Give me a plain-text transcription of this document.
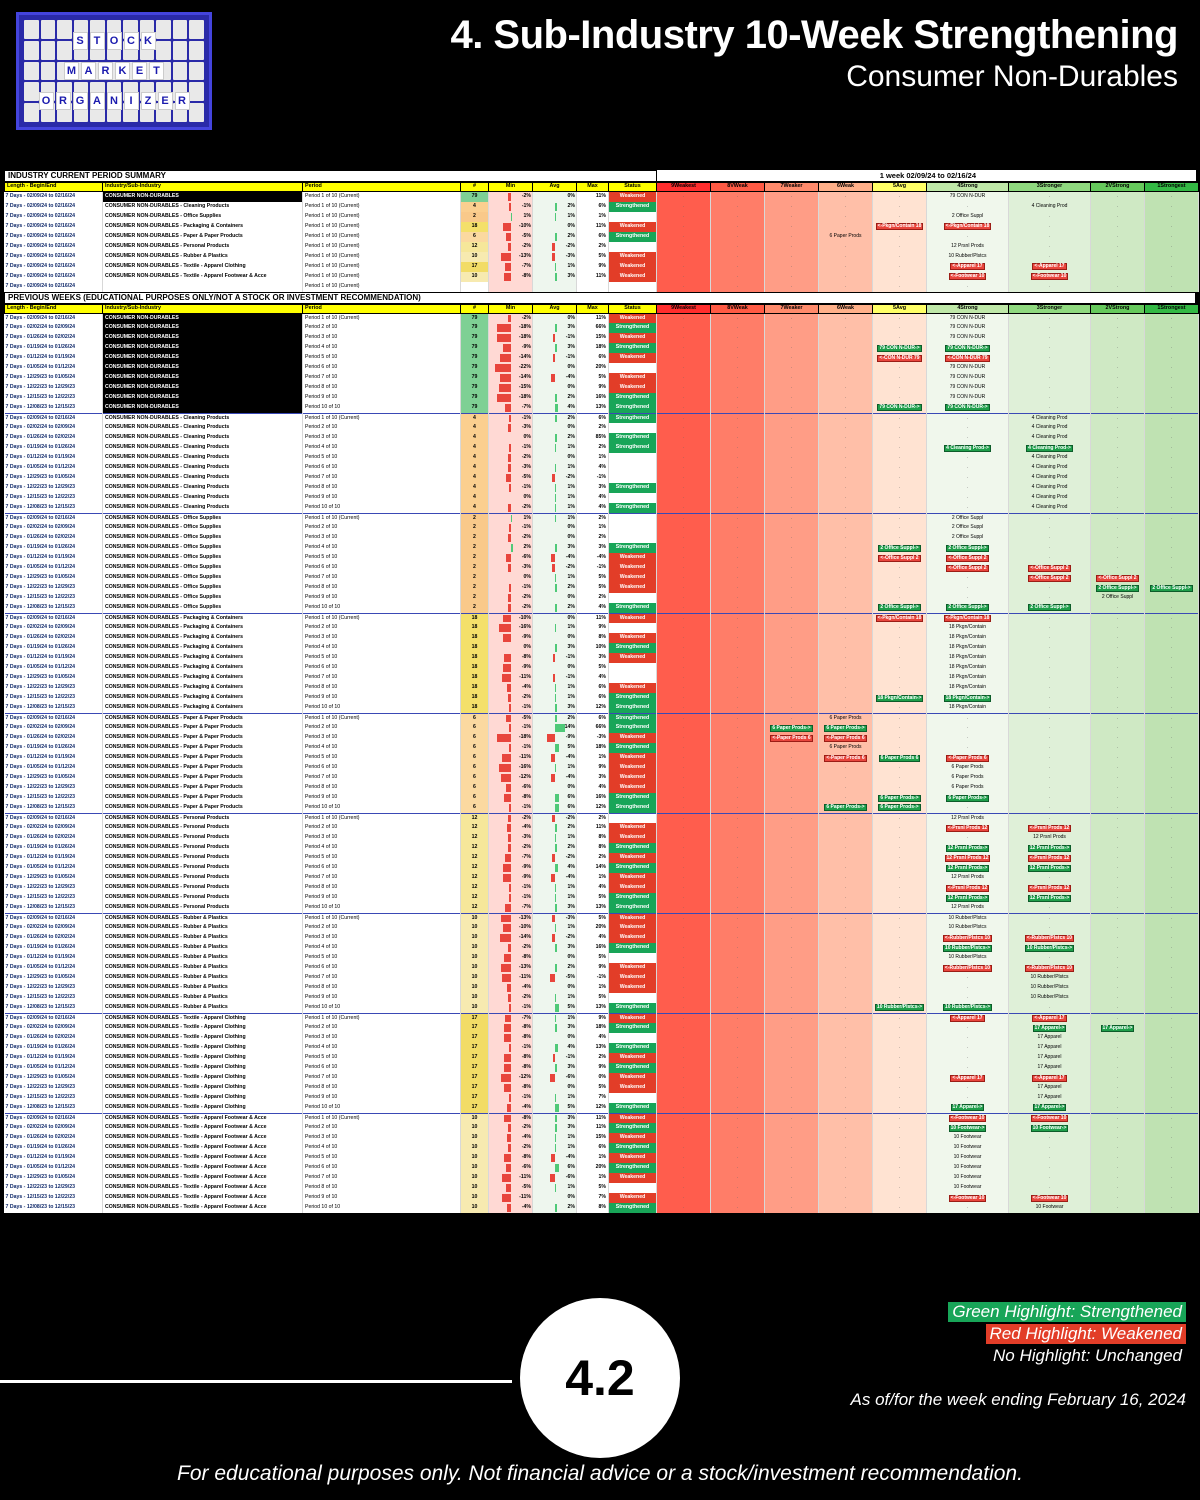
S T O C K
M A R K E T
O R G A N	I	Z E R
4. Sub-Industry 10-Week Strengthening
Consumer Non-Durables
INDUSTRY CURRENT PERIOD SUMMARY	1 week 02/09/24 to 02/16/24
Length - Begin/End	Industry/Sub-Industry	Period	#	Min	Avg	Max	Status	9Weakest	8VWeak	7Weaker	6Weak	5Avg	4Strong	3Stronger	2VStrong	1Strongest
7 Days - 02/09/24 to 02/16/24	CONSUMER NON-DURABLES	Period 1 of 10 (Current)	79	-2%	0%	11%	Weakened	.	.	.	.	.	79 CON N-DUR	.	.	.
7 Days - 02/09/24 to 02/16/24	CONSUMER NON-DURABLES - Cleaning Products	Period 1 of 10 (Current)	4	-1%	2%	6%	Strengthened	.	.	.	.	.	.	4 Cleaning Prod	.	.
7 Days - 02/09/24 to 02/16/24	CONSUMER NON-DURABLES - Office Supplies	Period 1 of 10 (Current)	2	1%	1%	1%	Unchanged	.	.	.	.	.	2 Office Suppl	.	.	.
7 Days - 02/09/24 to 02/16/24	CONSUMER NON-DURABLES - Packaging & Containers	Period 1 of 10 (Current)	18	-10%	0%	11%	Weakened	.	.	.	.	<-Pkgn/Contain 18	<-Pkgn/Contain 18	.	.	.
7 Days - 02/09/24 to 02/16/24	CONSUMER NON-DURABLES - Paper & Paper Products	Period 1 of 10 (Current)	6	-5%	2%	6%	Strengthened	.	.	.	6 Paper Prods	.	.	.	.	.
7 Days - 02/09/24 to 02/16/24	CONSUMER NON-DURABLES - Personal Products	Period 1 of 10 (Current)	12	-2%	-2%	2%	Unchanged	.	.	.	.	.	12 Prsnl Prods	.	.	.
7 Days - 02/09/24 to 02/16/24	CONSUMER NON-DURABLES - Rubber & Plastics	Period 1 of 10 (Current)	10	-13%	-3%	5%	Weakened	.	.	.	.	.	10 Rubber/Plstcs	.	.	.
7 Days - 02/09/24 to 02/16/24	CONSUMER NON-DURABLES - Textile - Apparel Clothing	Period 1 of 10 (Current)	17	-7%	1%	9%	Weakened	.	.	.	.	.	<-Apparel 17	<-Apparel 17	.	.
7 Days - 02/09/24 to 02/16/24	CONSUMER NON-DURABLES - Textile - Apparel Footwear & Acce	Period 1 of 10 (Current)	10	-8%	3%	11%	Weakened	.	.	.	.	.	<-Footwear 10	<-Footwear 10	.	.
7 Days - 02/09/24 to 02/16/24		Period 1 of 10 (Current)						.	.	.	.	.	.	.	.	.
PREVIOUS WEEKS (EDUCATIONAL PURPOSES ONLY/NOT A STOCK OR INVESTMENT RECOMMENDATION)
Length - Begin/End	Industry/Sub-Industry	Period	#	Min	Avg	Max	Status	9Weakest	8VWeak	7Weaker	6Weak	5Avg	4Strong	3Stronger	2VStrong	1Strongest
7 Days - 02/09/24 to 02/16/24	CONSUMER NON-DURABLES	Period 1 of 10 (Current)	79	-2%	0%	11%	Weakened	.	.	.	.	.	79 CON N-DUR	.	.	.
7 Days - 02/02/24 to 02/09/24	CONSUMER NON-DURABLES	Period 2 of 10	79	-18%	3%	66%	Strengthened	.	.	.	.	.	79 CON N-DUR	.	.	.
7 Days - 01/26/24 to 02/02/24	CONSUMER NON-DURABLES	Period 3 of 10	79	-18%	-1%	15%	Weakened	.	.	.	.	.	79 CON N-DUR	.	.	.
7 Days - 01/19/24 to 01/26/24	CONSUMER NON-DURABLES	Period 4 of 10	79	-9%	3%	18%	Strengthened	.	.	.	.	79 CON N-DUR->	79 CON N-DUR->	.	.	.
7 Days - 01/12/24 to 01/19/24	CONSUMER NON-DURABLES	Period 5 of 10	79	-14%	-1%	6%	Weakened	.	.	.	.	<-CON N-DUR 79	<-CON N-DUR 79	.	.	.
7 Days - 01/05/24 to 01/12/24	CONSUMER NON-DURABLES	Period 6 of 10	79	-22%	0%	20%	Unchanged	.	.	.	.	.	79 CON N-DUR	.	.	.
7 Days - 12/29/23 to 01/05/24	CONSUMER NON-DURABLES	Period 7 of 10	79	-14%	-4%	5%	Weakened	.	.	.	.	.	79 CON N-DUR	.	.	.
7 Days - 12/22/23 to 12/29/23	CONSUMER NON-DURABLES	Period 8 of 10	79	-15%	0%	9%	Weakened	.	.	.	.	.	79 CON N-DUR	.	.	.
7 Days - 12/15/23 to 12/22/23	CONSUMER NON-DURABLES	Period 9 of 10	79	-18%	2%	16%	Strengthened	.	.	.	.	.	79 CON N-DUR	.	.	.
7 Days - 12/08/23 to 12/15/23	CONSUMER NON-DURABLES	Period 10 of 10	79	-7%	4%	13%	Strengthened	.	.	.	.	79 CON N-DUR->	79 CON N-DUR->	.	.	.
7 Days - 02/09/24 to 02/16/24	CONSUMER NON-DURABLES - Cleaning Products	Period 1 of 10 (Current)	4	-1%	2%	6%	Strengthened	.	.	.	.	.	.	4 Cleaning Prod	.	.
7 Days - 02/02/24 to 02/09/24	CONSUMER NON-DURABLES - Cleaning Products	Period 2 of 10	4	-3%	0%	2%	Unchanged	.	.	.	.	.	.	4 Cleaning Prod	.	.
7 Days - 01/26/24 to 02/02/24	CONSUMER NON-DURABLES - Cleaning Products	Period 3 of 10	4	0%	2%	85%	Strengthened	.	.	.	.	.	.	4 Cleaning Prod	.	.
7 Days - 01/19/24 to 01/26/24	CONSUMER NON-DURABLES - Cleaning Products	Period 4 of 10	4	-1%	1%	2%	Strengthened	.	.	.	.	.	4 Cleaning Prod->	4 Cleaning Prod->	.	.
7 Days - 01/12/24 to 01/19/24	CONSUMER NON-DURABLES - Cleaning Products	Period 5 of 10	4	-2%	0%	1%	Unchanged	.	.	.	.	.	.	4 Cleaning Prod	.	.
7 Days - 01/05/24 to 01/12/24	CONSUMER NON-DURABLES - Cleaning Products	Period 6 of 10	4	-3%	1%	4%	Unchanged	.	.	.	.	.	.	4 Cleaning Prod	.	.
7 Days - 12/29/23 to 01/05/24	CONSUMER NON-DURABLES - Cleaning Products	Period 7 of 10	4	-5%	-2%	-1%	Unchanged	.	.	.	.	.	.	4 Cleaning Prod	.	.
7 Days - 12/22/23 to 12/29/23	CONSUMER NON-DURABLES - Cleaning Products	Period 8 of 10	4	-1%	1%	3%	Strengthened	.	.	.	.	.	.	4 Cleaning Prod	.	.
7 Days - 12/15/23 to 12/22/23	CONSUMER NON-DURABLES - Cleaning Products	Period 9 of 10	4	0%	1%	4%	Unchanged	.	.	.	.	.	.	4 Cleaning Prod	.	.
7 Days - 12/08/23 to 12/15/23	CONSUMER NON-DURABLES - Cleaning Products	Period 10 of 10	4	-2%	1%	4%	Strengthened	.	.	.	.	.	.	4 Cleaning Prod	.	.
7 Days - 02/09/24 to 02/16/24	CONSUMER NON-DURABLES - Office Supplies	Period 1 of 10 (Current)	2	1%	1%	2%	Unchanged	.	.	.	.	.	2 Office Suppl	.	.	.
7 Days - 02/02/24 to 02/09/24	CONSUMER NON-DURABLES - Office Supplies	Period 2 of 10	2	-1%	0%	1%	Unchanged	.	.	.	.	.	2 Office Suppl	.	.	.
7 Days - 01/26/24 to 02/02/24	CONSUMER NON-DURABLES - Office Supplies	Period 3 of 10	2	-2%	0%	2%	Unchanged	.	.	.	.	.	2 Office Suppl	.	.	.
7 Days - 01/19/24 to 01/26/24	CONSUMER NON-DURABLES - Office Supplies	Period 4 of 10	2	2%	3%	3%	Strengthened	.	.	.	.	2 Office Suppl->	2 Office Suppl->	.	.	.
7 Days - 01/12/24 to 01/19/24	CONSUMER NON-DURABLES - Office Supplies	Period 5 of 10	2	-6%	-4%	-4%	Weakened	.	.	.	.	<-Office Suppl 2	<-Office Suppl 2	.	.	.
7 Days - 01/05/24 to 01/12/24	CONSUMER NON-DURABLES - Office Supplies	Period 6 of 10	2	-3%	-2%	-1%	Weakened	.	.	.	.	.	<-Office Suppl 2	<-Office Suppl 2	.	.
7 Days - 12/29/23 to 01/05/24	CONSUMER NON-DURABLES - Office Supplies	Period 7 of 10	2	0%	1%	5%	Weakened	.	.	.	.	.	.	<-Office Suppl 2	<-Office Suppl 2	.
7 Days - 12/22/23 to 12/29/23	CONSUMER NON-DURABLES - Office Supplies	Period 8 of 10	2	-1%	2%	5%	Weakened	.	.	.	.	.	.	.	2 Office Suppl->	2 Office Suppl->
7 Days - 12/15/23 to 12/22/23	CONSUMER NON-DURABLES - Office Supplies	Period 9 of 10	2	-2%	0%	2%	Unchanged	.	.	.	.	.	.	.	2 Office Suppl	.
7 Days - 12/08/23 to 12/15/23	CONSUMER NON-DURABLES - Office Supplies	Period 10 of 10	2	-2%	2%	4%	Strengthened	.	.	.	.	2 Office Suppl->	2 Office Suppl->	2 Office Suppl->	.	.
7 Days - 02/09/24 to 02/16/24	CONSUMER NON-DURABLES - Packaging & Containers	Period 1 of 10 (Current)	18	-10%	0%	11%	Weakened	.	.	.	.	<-Pkgn/Contain 18	<-Pkgn/Contain 18	.	.	.
7 Days - 02/02/24 to 02/09/24	CONSUMER NON-DURABLES - Packaging & Containers	Period 2 of 10	18	-16%	1%	9%	Unchanged	.	.	.	.	.	18 Pkgn/Contain	.	.	.
7 Days - 01/26/24 to 02/02/24	CONSUMER NON-DURABLES - Packaging & Containers	Period 3 of 10	18	-9%	0%	8%	Weakened	.	.	.	.	.	18 Pkgn/Contain	.	.	.
7 Days - 01/19/24 to 01/26/24	CONSUMER NON-DURABLES - Packaging & Containers	Period 4 of 10	18	0%	3%	10%	Strengthened	.	.	.	.	.	18 Pkgn/Contain	.	.	.
7 Days - 01/12/24 to 01/19/24	CONSUMER NON-DURABLES - Packaging & Containers	Period 5 of 10	18	-8%	-1%	3%	Weakened	.	.	.	.	.	18 Pkgn/Contain	.	.	.
7 Days - 01/05/24 to 01/12/24	CONSUMER NON-DURABLES - Packaging & Containers	Period 6 of 10	18	-9%	0%	5%	Unchanged	.	.	.	.	.	18 Pkgn/Contain	.	.	.
7 Days - 12/29/23 to 01/05/24	CONSUMER NON-DURABLES - Packaging & Containers	Period 7 of 10	18	-11%	-1%	4%	Unchanged	.	.	.	.	.	18 Pkgn/Contain	.	.	.
7 Days - 12/22/23 to 12/29/23	CONSUMER NON-DURABLES - Packaging & Containers	Period 8 of 10	18	-4%	1%	6%	Weakened	.	.	.	.	.	18 Pkgn/Contain	.	.	.
7 Days - 12/15/23 to 12/22/23	CONSUMER NON-DURABLES - Packaging & Containers	Period 9 of 10	18	-2%	1%	6%	Strengthened	.	.	.	.	18 Pkgn/Contain->	18 Pkgn/Contain->	.	.	.
7 Days - 12/08/23 to 12/15/23	CONSUMER NON-DURABLES - Packaging & Containers	Period 10 of 10	18	-1%	3%	12%	Strengthened	.	.	.	.	.	18 Pkgn/Contain	.	.	.
7 Days - 02/09/24 to 02/16/24	CONSUMER NON-DURABLES - Paper & Paper Products	Period 1 of 10 (Current)	6	-5%	2%	6%	Strengthened	.	.	.	6 Paper Prods	.	.	.	.	.
7 Days - 02/02/24 to 02/09/24	CONSUMER NON-DURABLES - Paper & Paper Products	Period 2 of 10	6	-1%	14%	66%	Strengthened	.	.	6 Paper Prods->	6 Paper Prods->	.	.	.	.	.
7 Days - 01/26/24 to 02/02/24	CONSUMER NON-DURABLES - Paper & Paper Products	Period 3 of 10	6	-18%	-9%	-3%	Weakened	.	.	<-Paper Prods 6	<-Paper Prods 6	.	.	.	.	.
7 Days - 01/19/24 to 01/26/24	CONSUMER NON-DURABLES - Paper & Paper Products	Period 4 of 10	6	-1%	5%	18%	Strengthened	.	.	.	6 Paper Prods	.	.	.	.	.
7 Days - 01/12/24 to 01/19/24	CONSUMER NON-DURABLES - Paper & Paper Products	Period 5 of 10	6	-11%	-4%	1%	Weakened	.	.	.	<-Paper Prods 6	6 Paper Prods 6	<-Paper Prods 6	.	.	.
7 Days - 01/05/24 to 01/12/24	CONSUMER NON-DURABLES - Paper & Paper Products	Period 6 of 10	6	-16%	1%	9%	Weakened	.	.	.	.	.	6 Paper Prods	.	.	.
7 Days - 12/29/23 to 01/05/24	CONSUMER NON-DURABLES - Paper & Paper Products	Period 7 of 10	6	-12%	-4%	3%	Weakened	.	.	.	.	.	6 Paper Prods	.	.	.
7 Days - 12/22/23 to 12/29/23	CONSUMER NON-DURABLES - Paper & Paper Products	Period 8 of 10	6	-6%	0%	4%	Weakened	.	.	.	.	.	6 Paper Prods	.	.	.
7 Days - 12/15/23 to 12/22/23	CONSUMER NON-DURABLES - Paper & Paper Products	Period 9 of 10	6	-8%	6%	16%	Strengthened	.	.	.	.	6 Paper Prods->	6 Paper Prods->	.	.	.
7 Days - 12/08/23 to 12/15/23	CONSUMER NON-DURABLES - Paper & Paper Products	Period 10 of 10	6	-1%	6%	12%	Strengthened	.	.	.	6 Paper Prods->	6 Paper Prods->	.	.	.	.
7 Days - 02/09/24 to 02/16/24	CONSUMER NON-DURABLES - Personal Products	Period 1 of 10 (Current)	12	-2%	-2%	2%	Unchanged	.	.	.	.	.	12 Prsnl Prods	.	.	.
7 Days - 02/02/24 to 02/09/24	CONSUMER NON-DURABLES - Personal Products	Period 2 of 10	12	-4%	2%	11%	Weakened	.	.	.	.	.	<-Prsnl Prods 12	<-Prsnl Prods 12	.	.
7 Days - 01/26/24 to 02/02/24	CONSUMER NON-DURABLES - Personal Products	Period 3 of 10	12	-3%	1%	8%	Weakened	.	.	.	.	.	.	12 Prsnl Prods	.	.
7 Days - 01/19/24 to 01/26/24	CONSUMER NON-DURABLES - Personal Products	Period 4 of 10	12	-2%	2%	8%	Strengthened	.	.	.	.	.	12 Prsnl Prods->	12 Prsnl Prods->	.	.
7 Days - 01/12/24 to 01/19/24	CONSUMER NON-DURABLES - Personal Products	Period 5 of 10	12	-7%	-2%	2%	Weakened	.	.	.	.	.	12 Prsnl Prods 12	<-Prsnl Prods 12	.	.
7 Days - 01/05/24 to 01/12/24	CONSUMER NON-DURABLES - Personal Products	Period 6 of 10	12	-9%	4%	14%	Strengthened	.	.	.	.	.	12 Prsnl Prods->	12 Prsnl Prods->	.	.
7 Days - 12/29/23 to 01/05/24	CONSUMER NON-DURABLES - Personal Products	Period 7 of 10	12	-9%	-4%	1%	Weakened	.	.	.	.	.	12 Prsnl Prods	.	.	.
7 Days - 12/22/23 to 12/29/23	CONSUMER NON-DURABLES - Personal Products	Period 8 of 10	12	-1%	1%	4%	Weakened	.	.	.	.	.	<-Prsnl Prods 12	<-Prsnl Prods 12	.	.
7 Days - 12/15/23 to 12/22/23	CONSUMER NON-DURABLES - Personal Products	Period 9 of 10	12	-1%	1%	5%	Strengthened	.	.	.	.	.	12 Prsnl Prods->	12 Prsnl Prods->	.	.
7 Days - 12/08/23 to 12/15/23	CONSUMER NON-DURABLES - Personal Products	Period 10 of 10	12	-7%	3%	13%	Strengthened	.	.	.	.	.	12 Prsnl Prods	.	.	.
7 Days - 02/09/24 to 02/16/24	CONSUMER NON-DURABLES - Rubber & Plastics	Period 1 of 10 (Current)	10	-13%	-3%	5%	Weakened	.	.	.	.	.	10 Rubber/Plstcs	.	.	.
7 Days - 02/02/24 to 02/09/24	CONSUMER NON-DURABLES - Rubber & Plastics	Period 2 of 10	10	-10%	1%	20%	Weakened	.	.	.	.	.	10 Rubber/Plstcs	.	.	.
7 Days - 01/26/24 to 02/02/24	CONSUMER NON-DURABLES - Rubber & Plastics	Period 3 of 10	10	-14%	-2%	4%	Weakened	.	.	.	.	.	<-Rubber/Plstcs 10	<-Rubber/Plstcs 10	.	.
7 Days - 01/19/24 to 01/26/24	CONSUMER NON-DURABLES - Rubber & Plastics	Period 4 of 10	10	-2%	3%	16%	Strengthened	.	.	.	.	.	10 Rubber/Plstcs->	10 Rubber/Plstcs->	.	.
7 Days - 01/12/24 to 01/19/24	CONSUMER NON-DURABLES - Rubber & Plastics	Period 5 of 10	10	-8%	0%	5%	Unchanged	.	.	.	.	.	10 Rubber/Plstcs	.	.	.
7 Days - 01/05/24 to 01/12/24	CONSUMER NON-DURABLES - Rubber & Plastics	Period 6 of 10	10	-13%	2%	9%	Weakened	.	.	.	.	.	<-Rubber/Plstcs 10	<-Rubber/Plstcs 10	.	.
7 Days - 12/29/23 to 01/05/24	CONSUMER NON-DURABLES - Rubber & Plastics	Period 7 of 10	10	-11%	-5%	-1%	Weakened	.	.	.	.	.	.	10 Rubber/Plstcs	.	.
7 Days - 12/22/23 to 12/29/23	CONSUMER NON-DURABLES - Rubber & Plastics	Period 8 of 10	10	-4%	0%	1%	Weakened	.	.	.	.	.	.	10 Rubber/Plstcs	.	.
7 Days - 12/15/23 to 12/22/23	CONSUMER NON-DURABLES - Rubber & Plastics	Period 9 of 10	10	-2%	1%	5%	Unchanged	.	.	.	.	.	.	10 Rubber/Plstcs	.	.
7 Days - 12/08/23 to 12/15/23	CONSUMER NON-DURABLES - Rubber & Plastics	Period 10 of 10	10	-1%	5%	13%	Strengthened	.	.	.	.	10 Rubber/Plstcs->	10 Rubber/Plstcs->	.	.	.
7 Days - 02/09/24 to 02/16/24	CONSUMER NON-DURABLES - Textile - Apparel Clothing	Period 1 of 10 (Current)	17	-7%	1%	9%	Weakened	.	.	.	.	.	<-Apparel 17	<-Apparel 17	.	.
7 Days - 02/02/24 to 02/09/24	CONSUMER NON-DURABLES - Textile - Apparel Clothing	Period 2 of 10	17	-8%	3%	18%	Strengthened	.	.	.	.	.	.	17 Apparel->	17 Apparel->	.
7 Days - 01/26/24 to 02/02/24	CONSUMER NON-DURABLES - Textile - Apparel Clothing	Period 3 of 10	17	-8%	0%	4%	Unchanged	.	.	.	.	.	.	17 Apparel	.	.
7 Days - 01/19/24 to 01/26/24	CONSUMER NON-DURABLES - Textile - Apparel Clothing	Period 4 of 10	17	-1%	4%	13%	Strengthened	.	.	.	.	.	.	17 Apparel	.	.
7 Days - 01/12/24 to 01/19/24	CONSUMER NON-DURABLES - Textile - Apparel Clothing	Period 5 of 10	17	-8%	-1%	2%	Weakened	.	.	.	.	.	.	17 Apparel	.	.
7 Days - 01/05/24 to 01/12/24	CONSUMER NON-DURABLES - Textile - Apparel Clothing	Period 6 of 10	17	-8%	3%	9%	Strengthened	.	.	.	.	.	.	17 Apparel	.	.
7 Days - 12/29/23 to 01/05/24	CONSUMER NON-DURABLES - Textile - Apparel Clothing	Period 7 of 10	17	-12%	-6%	0%	Weakened	.	.	.	.	.	<-Apparel 17	<-Apparel 17	.	.
7 Days - 12/22/23 to 12/29/23	CONSUMER NON-DURABLES - Textile - Apparel Clothing	Period 8 of 10	17	-8%	0%	5%	Weakened	.	.	.	.	.	.	17 Apparel	.	.
7 Days - 12/15/23 to 12/22/23	CONSUMER NON-DURABLES - Textile - Apparel Clothing	Period 9 of 10	17	-1%	1%	7%	Unchanged	.	.	.	.	.	.	17 Apparel	.	.
7 Days - 12/08/23 to 12/15/23	CONSUMER NON-DURABLES - Textile - Apparel Clothing	Period 10 of 10	17	-4%	5%	12%	Strengthened	.	.	.	.	.	17 Apparel->	17 Apparel->	.	.
7 Days - 02/09/24 to 02/16/24	CONSUMER NON-DURABLES - Textile - Apparel Footwear & Acce	Period 1 of 10 (Current)	10	-8%	3%	11%	Weakened	.	.	.	.	.	<-Footwear 10	<-Footwear 10	.	.
7 Days - 02/02/24 to 02/09/24	CONSUMER NON-DURABLES - Textile - Apparel Footwear & Acce	Period 2 of 10	10	-2%	3%	11%	Strengthened	.	.	.	.	.	10 Footwear->	10 Footwear->	.	.
7 Days - 01/26/24 to 02/02/24	CONSUMER NON-DURABLES - Textile - Apparel Footwear & Acce	Period 3 of 10	10	-4%	1%	15%	Weakened	.	.	.	.	.	10 Footwear	.	.	.
7 Days - 01/19/24 to 01/26/24	CONSUMER NON-DURABLES - Textile - Apparel Footwear & Acce	Period 4 of 10	10	-2%	1%	6%	Strengthened	.	.	.	.	.	10 Footwear	.	.	.
7 Days - 01/12/24 to 01/19/24	CONSUMER NON-DURABLES - Textile - Apparel Footwear & Acce	Period 5 of 10	10	-8%	-4%	1%	Weakened	.	.	.	.	.	10 Footwear	.	.	.
7 Days - 01/05/24 to 01/12/24	CONSUMER NON-DURABLES - Textile - Apparel Footwear & Acce	Period 6 of 10	10	-6%	6%	20%	Strengthened	.	.	.	.	.	10 Footwear	.	.	.
7 Days - 12/29/23 to 01/05/24	CONSUMER NON-DURABLES - Textile - Apparel Footwear & Acce	Period 7 of 10	10	-11%	-6%	1%	Weakened	.	.	.	.	.	10 Footwear	.	.	.
7 Days - 12/22/23 to 12/29/23	CONSUMER NON-DURABLES - Textile - Apparel Footwear & Acce	Period 8 of 10	10	-5%	1%	5%	Unchanged	.	.	.	.	.	10 Footwear	.	.	.
7 Days - 12/15/23 to 12/22/23	CONSUMER NON-DURABLES - Textile - Apparel Footwear & Acce	Period 9 of 10	10	-11%	0%	7%	Weakened	.	.	.	.	.	<-Footwear 10	<-Footwear 10	.	.
7 Days - 12/08/23 to 12/15/23	CONSUMER NON-DURABLES - Textile - Apparel Footwear & Acce	Period 10 of 10	10	-4%	2%	8%	Strengthened	.	.	.	.	.	.	10 Footwear	.	.
4.2
Green Highlight: Strengthened
Red Highlight: Weakened
No Highlight: Unchanged
As of/for the week ending February 16, 2024
For educational purposes only. Not financial advice or a stock/investment recommendation.
